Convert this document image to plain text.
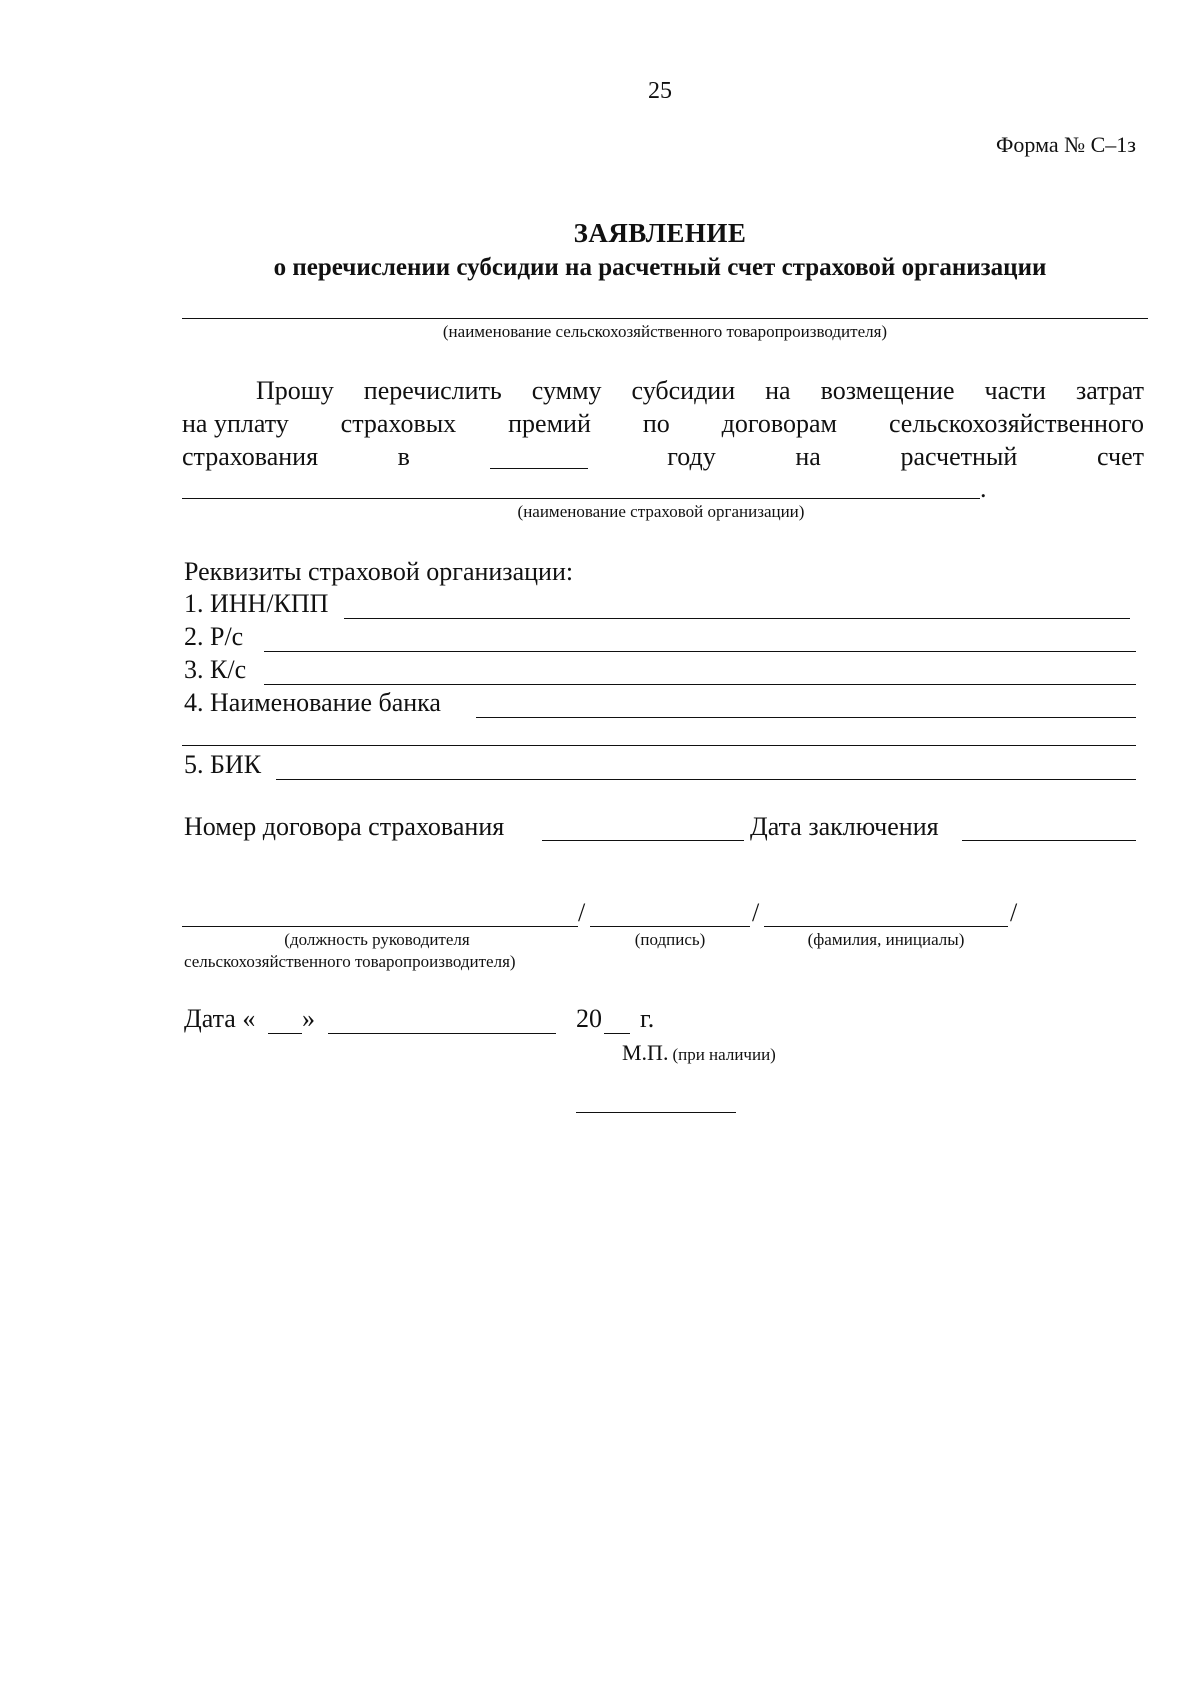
25
Форма № С–1з
ЗАЯВЛЕНИЕ
о перечислении субсидии на расчетный счет страховой организации
(наименование сельскохозяйственного товаропроизводителя)
Прошу перечислить сумму субсидии на возмещение части затрат
на уплату страховых премий по договорам сельскохозяйственного
страхования	в	году	на	расчетный	счет
.
(наименование страховой организации)
Реквизиты страховой организации:
1. ИНН/КПП
2. Р/с
3. К/с
4. Наименование банка
5. БИК
Номер договора страхования	Дата заключения
/	/	/
(должность руководителя
сельскохозяйственного товаропроизводителя)
(подпись)	(фамилия, инициалы)
Дата « »	20 г.
М.П. (при наличии)
